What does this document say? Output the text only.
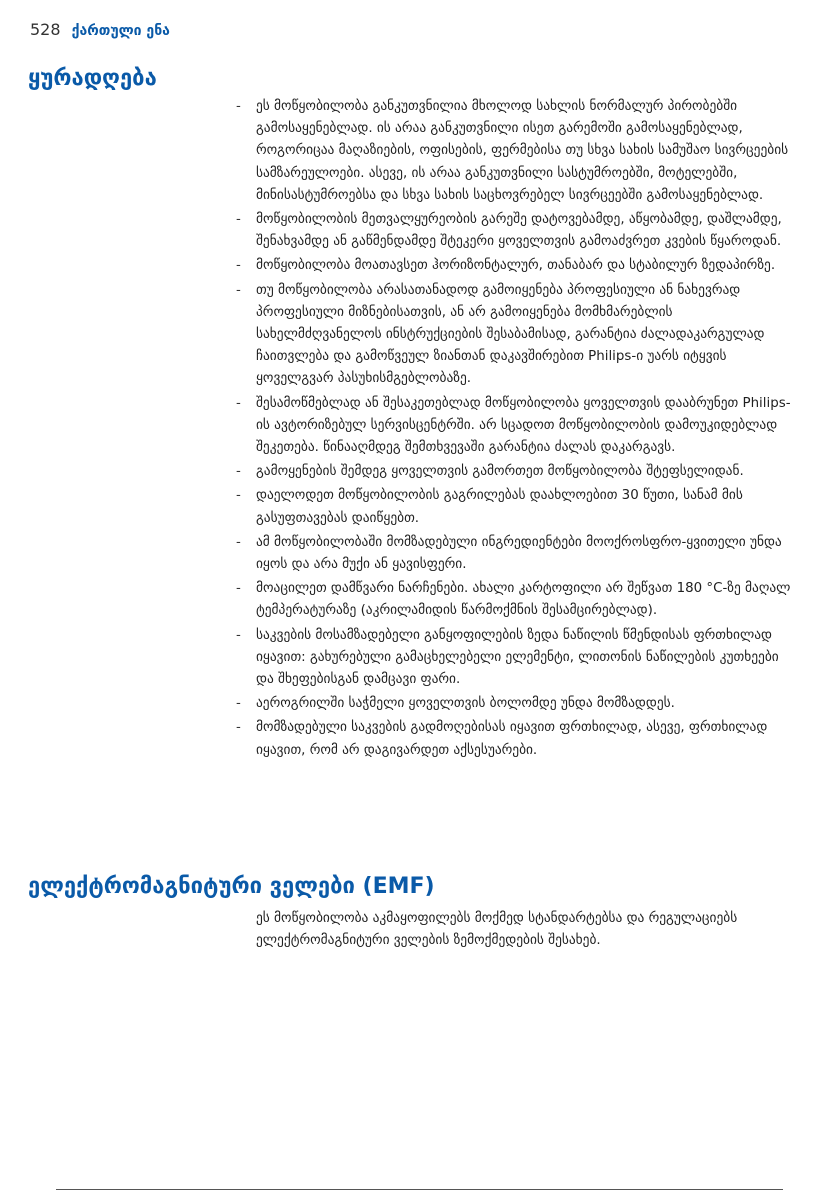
528 ქართული ენა
ყურადღება
- ეს მოწყობილობა განკუთვნილია მხოლოდ სახლის ნორმალურ პირობებში გამოსაყენებლად. ის არაა განკუთვნილი ისეთ გარემოში გამოსაყენებლად, როგორიცაა მაღაზიების, ოფისების, ფერმებისა თუ სხვა სახის სამუშაო სივრცეების სამზარეულოები. ასევე, ის არაა განკუთვნილი სასტუმროებში, მოტელებში, მინისასტუმროებსა და სხვა სახის საცხოვრებელ სივრცეებში გამოსაყენებლად.
- მოწყობილობის მეთვალყურეობის გარეშე დატოვებამდე, აწყობამდე, დაშლამდე, შენახვამდე ან გაწმენდამდე შტეკერი ყოველთვის გამოაძვრეთ კვების წყაროდან.
- მოწყობილობა მოათავსეთ ჰორიზონტალურ, თანაბარ და სტაბილურ ზედაპირზე.
- თუ მოწყობილობა არასათანადოდ გამოიყენება პროფესიული ან ნახევრად პროფესიული მიზნებისათვის, ან არ გამოიყენება მომხმარებლის სახელმძღვანელოს ინსტრუქციების შესაბამისად, გარანტია ძალადაკარგულად ჩაითვლება და გამოწვეულ ზიანთან დაკავშირებით Philips-ი უარს იტყვის ყოველგვარ პასუხისმგებლობაზე.
- შესამოწმებლად ან შესაკეთებლად მოწყობილობა ყოველთვის დააბრუნეთ Philips-ის ავტორიზებულ სერვისცენტრში. არ სცადოთ მოწყობილობის დამოუკიდებლად შეკეთება. წინააღმდეგ შემთხვევაში გარანტია ძალას დაკარგავს.
- გამოყენების შემდეგ ყოველთვის გამორთეთ მოწყობილობა შტეფსელიდან.
- დაელოდეთ მოწყობილობის გაგრილებას დაახლოებით 30 წუთი, სანამ მის გასუფთავებას დაიწყებთ.
- ამ მოწყობილობაში მომზადებული ინგრედიენტები მოოქროსფრო-ყვითელი უნდა იყოს და არა მუქი ან ყავისფერი.
- მოაცილეთ დამწვარი ნარჩენები. ახალი კარტოფილი არ შეწვათ 180 °C-ზე მაღალ ტემპერატურაზე (აკრილამიდის წარმოქმნის შესამცირებლად).
- საკვების მოსამზადებელი განყოფილების ზედა ნაწილის წმენდისას ფრთხილად იყავით: გახურებული გამაცხელებელი ელემენტი, ლითონის ნაწილების კუთხეები და შხეფებისგან დამცავი ფარი.
- აეროგრილში საჭმელი ყოველთვის ბოლომდე უნდა მომზადდეს.
- მომზადებული საკვების გადმოღებისას იყავით ფრთხილად, ასევე, ფრთხილად იყავით, რომ არ დაგივარდეთ აქსესუარები.
ელექტრომაგნიტური ველები (EMF)

ეს მოწყობილობა აკმაყოფილებს მოქმედ სტანდარტებსა და რეგულაციებს ელექტრომაგნიტური ველების ზემოქმედების შესახებ.
